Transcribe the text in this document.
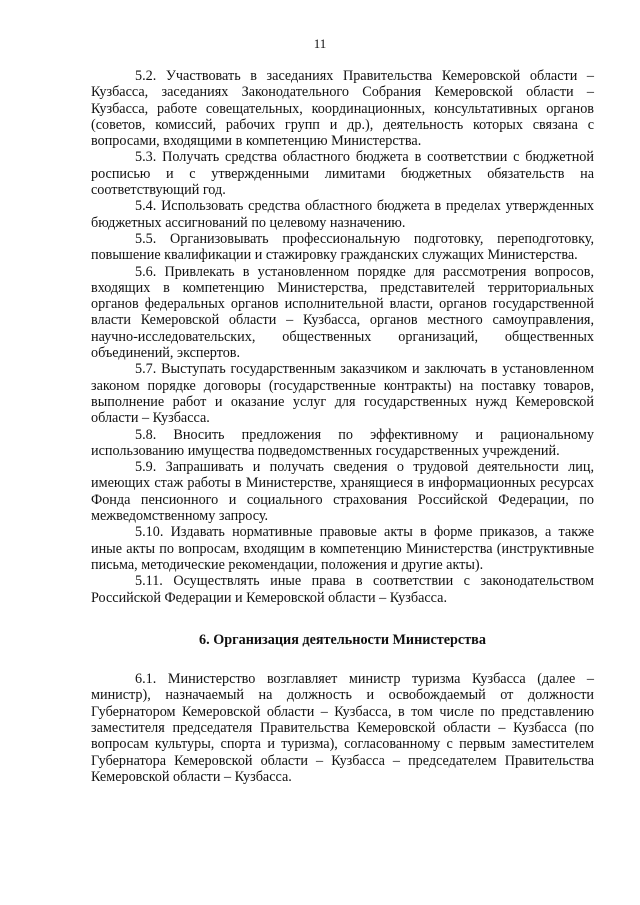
11

5.2. Участвовать в заседаниях Правительства Кемеровской области – Кузбасса, заседаниях Законодательного Собрания Кемеровской области – Кузбасса, работе совещательных, координационных, консультативных органов (советов, комиссий, рабочих групп и др.), деятельность которых связана с вопросами, входящими в компетенцию Министерства.

5.3. Получать средства областного бюджета в соответствии с бюджетной росписью и с утвержденными лимитами бюджетных обязательств на соответствующий год.

5.4. Использовать средства областного бюджета в пределах утвержденных бюджетных ассигнований по целевому назначению.

5.5. Организовывать профессиональную подготовку, переподготовку, повышение квалификации и стажировку гражданских служащих Министерства.

5.6. Привлекать в установленном порядке для рассмотрения вопросов, входящих в компетенцию Министерства, представителей территориальных органов федеральных органов исполнительной власти, органов государственной власти Кемеровской области – Кузбасса, органов местного самоуправления, научно-исследовательских, общественных организаций, общественных объединений, экспертов.

5.7. Выступать государственным заказчиком и заключать в установленном законом порядке договоры (государственные контракты) на поставку товаров, выполнение работ и оказание услуг для государственных нужд Кемеровской области – Кузбасса.

5.8. Вносить предложения по эффективному и рациональному использованию имущества подведомственных государственных учреждений.

5.9. Запрашивать и получать сведения о трудовой деятельности лиц, имеющих стаж работы в Министерстве, хранящиеся в информационных ресурсах Фонда пенсионного и социального страхования Российской Федерации, по межведомственному запросу.

5.10. Издавать нормативные правовые акты в форме приказов, а также иные акты по вопросам, входящим в компетенцию Министерства (инструктивные письма, методические рекомендации, положения и другие акты).

5.11. Осуществлять иные права в соответствии с законодательством Российской Федерации и Кемеровской области – Кузбасса.

6. Организация деятельности Министерства

6.1. Министерство возглавляет министр туризма Кузбасса (далее – министр), назначаемый на должность и освобождаемый от должности Губернатором Кемеровской области – Кузбасса, в том числе по представлению заместителя председателя Правительства Кемеровской области – Кузбасса (по вопросам культуры, спорта и туризма), согласованному с первым заместителем Губернатора Кемеровской области – Кузбасса – председателем Правительства Кемеровской области – Кузбасса.
